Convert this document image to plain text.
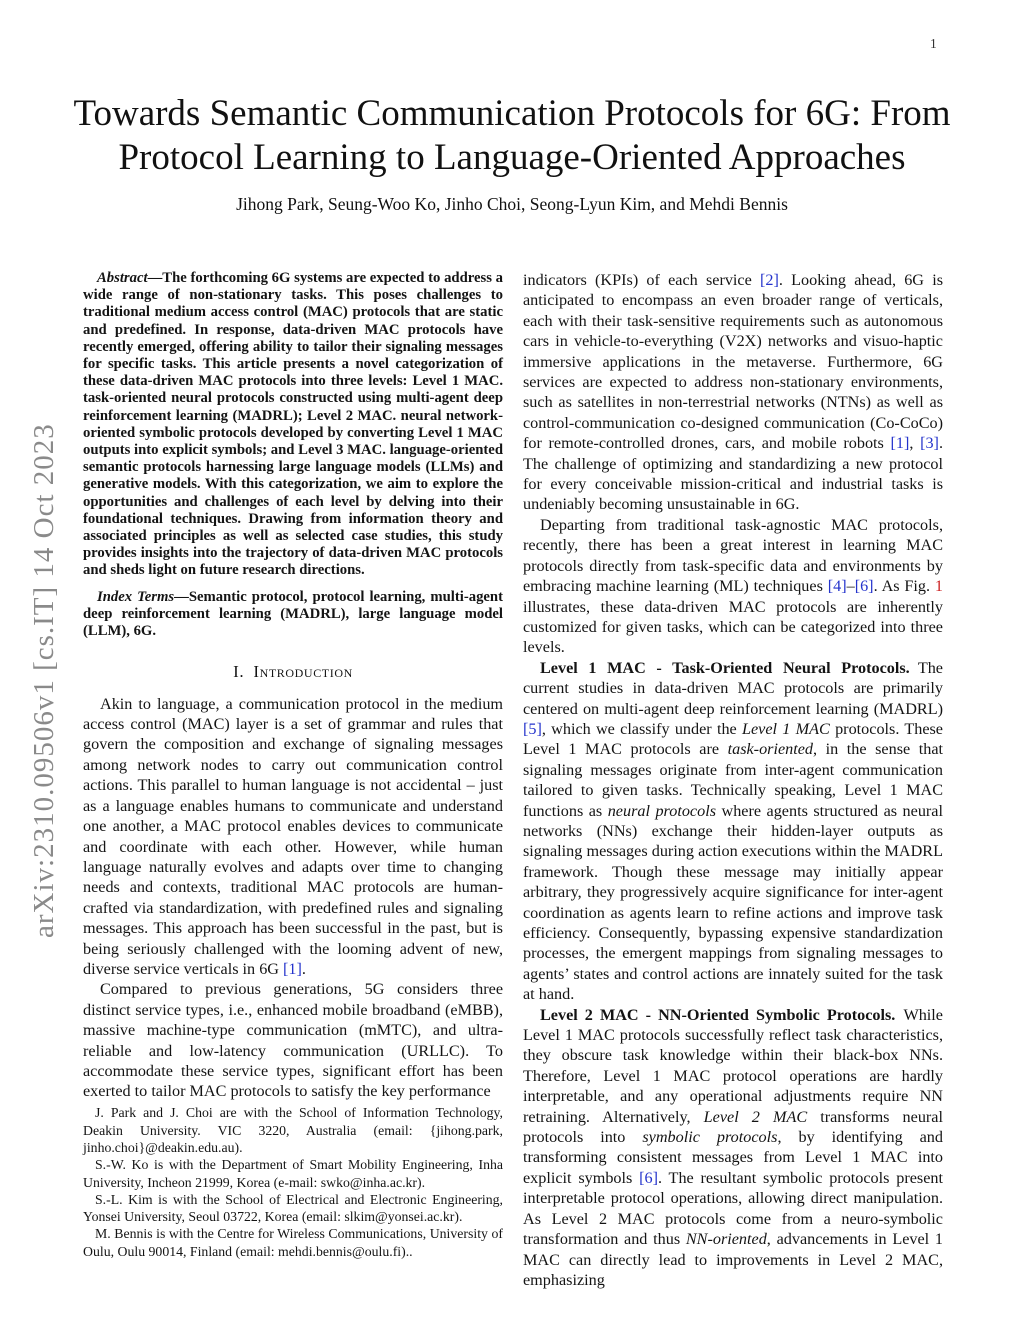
1
arXiv:2310.09506v1 [cs.IT] 14 Oct 2023
Towards Semantic Communication Protocols for 6G: From
Protocol Learning to Language-Oriented Approaches
Jihong Park, Seung-Woo Ko, Jinho Choi, Seong-Lyun Kim, and Mehdi Bennis
Abstract—The forthcoming 6G systems are expected to address a wide range of non-stationary tasks. This poses challenges to traditional medium access control (MAC) protocols that are static and predefined. In response, data-driven MAC protocols have recently emerged, offering ability to tailor their signaling messages for specific tasks. This article presents a novel categorization of these data-driven MAC protocols into three levels: Level 1 MAC. task-oriented neural protocols constructed using multi-agent deep reinforcement learning (MADRL); Level 2 MAC. neural network-oriented symbolic protocols developed by converting Level 1 MAC outputs into explicit symbols; and Level 3 MAC. language-oriented semantic protocols harnessing large language models (LLMs) and generative models. With this categorization, we aim to explore the opportunities and challenges of each level by delving into their foundational techniques. Drawing from information theory and associated principles as well as selected case studies, this study provides insights into the trajectory of data-driven MAC protocols and sheds light on future research directions.
Index Terms—Semantic protocol, protocol learning, multi-agent deep reinforcement learning (MADRL), large language model (LLM), 6G.
I. Introduction
Akin to language, a communication protocol in the medium access control (MAC) layer is a set of grammar and rules that govern the composition and exchange of signaling messages among network nodes to carry out communication control actions. This parallel to human language is not accidental – just as a language enables humans to communicate and understand one another, a MAC protocol enables devices to communicate and coordinate with each other. However, while human language naturally evolves and adapts over time to changing needs and contexts, traditional MAC protocols are human-crafted via standardization, with predefined rules and signaling messages. This approach has been successful in the past, but is being seriously challenged with the looming advent of new, diverse service verticals in 6G [1].
Compared to previous generations, 5G considers three distinct service types, i.e., enhanced mobile broadband (eMBB), massive machine-type communication (mMTC), and ultra-reliable and low-latency communication (URLLC). To accommodate these service types, significant effort has been exerted to tailor MAC protocols to satisfy the key performance
J. Park and J. Choi are with the School of Information Technology, Deakin University. VIC 3220, Australia (email: {jihong.park, jinho.choi}@deakin.edu.au).
S.-W. Ko is with the Department of Smart Mobility Engineering, Inha University, Incheon 21999, Korea (e-mail: swko@inha.ac.kr).
S.-L. Kim is with the School of Electrical and Electronic Engineering, Yonsei University, Seoul 03722, Korea (email: slkim@yonsei.ac.kr).
M. Bennis is with the Centre for Wireless Communications, University of Oulu, Oulu 90014, Finland (email: mehdi.bennis@oulu.fi)..
indicators (KPIs) of each service [2]. Looking ahead, 6G is anticipated to encompass an even broader range of verticals, each with their task-sensitive requirements such as autonomous cars in vehicle-to-everything (V2X) networks and visuo-haptic immersive applications in the metaverse. Furthermore, 6G services are expected to address non-stationary environments, such as satellites in non-terrestrial networks (NTNs) as well as control-communication co-designed communication (Co-CoCo) for remote-controlled drones, cars, and mobile robots [1], [3]. The challenge of optimizing and standardizing a new protocol for every conceivable mission-critical and industrial tasks is undeniably becoming unsustainable in 6G.
Departing from traditional task-agnostic MAC protocols, recently, there has been a great interest in learning MAC protocols directly from task-specific data and environments by embracing machine learning (ML) techniques [4]–[6]. As Fig. 1 illustrates, these data-driven MAC protocols are inherently customized for given tasks, which can be categorized into three levels.
Level 1 MAC - Task-Oriented Neural Protocols. The current studies in data-driven MAC protocols are primarily centered on multi-agent deep reinforcement learning (MADRL) [5], which we classify under the Level 1 MAC protocols. These Level 1 MAC protocols are task-oriented, in the sense that signaling messages originate from inter-agent communication tailored to given tasks. Technically speaking, Level 1 MAC functions as neural protocols where agents structured as neural networks (NNs) exchange their hidden-layer outputs as signaling messages during action executions within the MADRL framework. Though these message may initially appear arbitrary, they progressively acquire significance for inter-agent coordination as agents learn to refine actions and improve task efficiency. Consequently, bypassing expensive standardization processes, the emergent mappings from signaling messages to agents’ states and control actions are innately suited for the task at hand.
Level 2 MAC - NN-Oriented Symbolic Protocols. While Level 1 MAC protocols successfully reflect task characteristics, they obscure task knowledge within their black-box NNs. Therefore, Level 1 MAC protocol operations are hardly interpretable, and any operational adjustments require NN retraining. Alternatively, Level 2 MAC transforms neural protocols into symbolic protocols, by identifying and transforming consistent messages from Level 1 MAC into explicit symbols [6]. The resultant symbolic protocols present interpretable protocol operations, allowing direct manipulation. As Level 2 MAC protocols come from a neuro-symbolic transformation and thus NN-oriented, advancements in Level 1 MAC can directly lead to improvements in Level 2 MAC, emphasizing
